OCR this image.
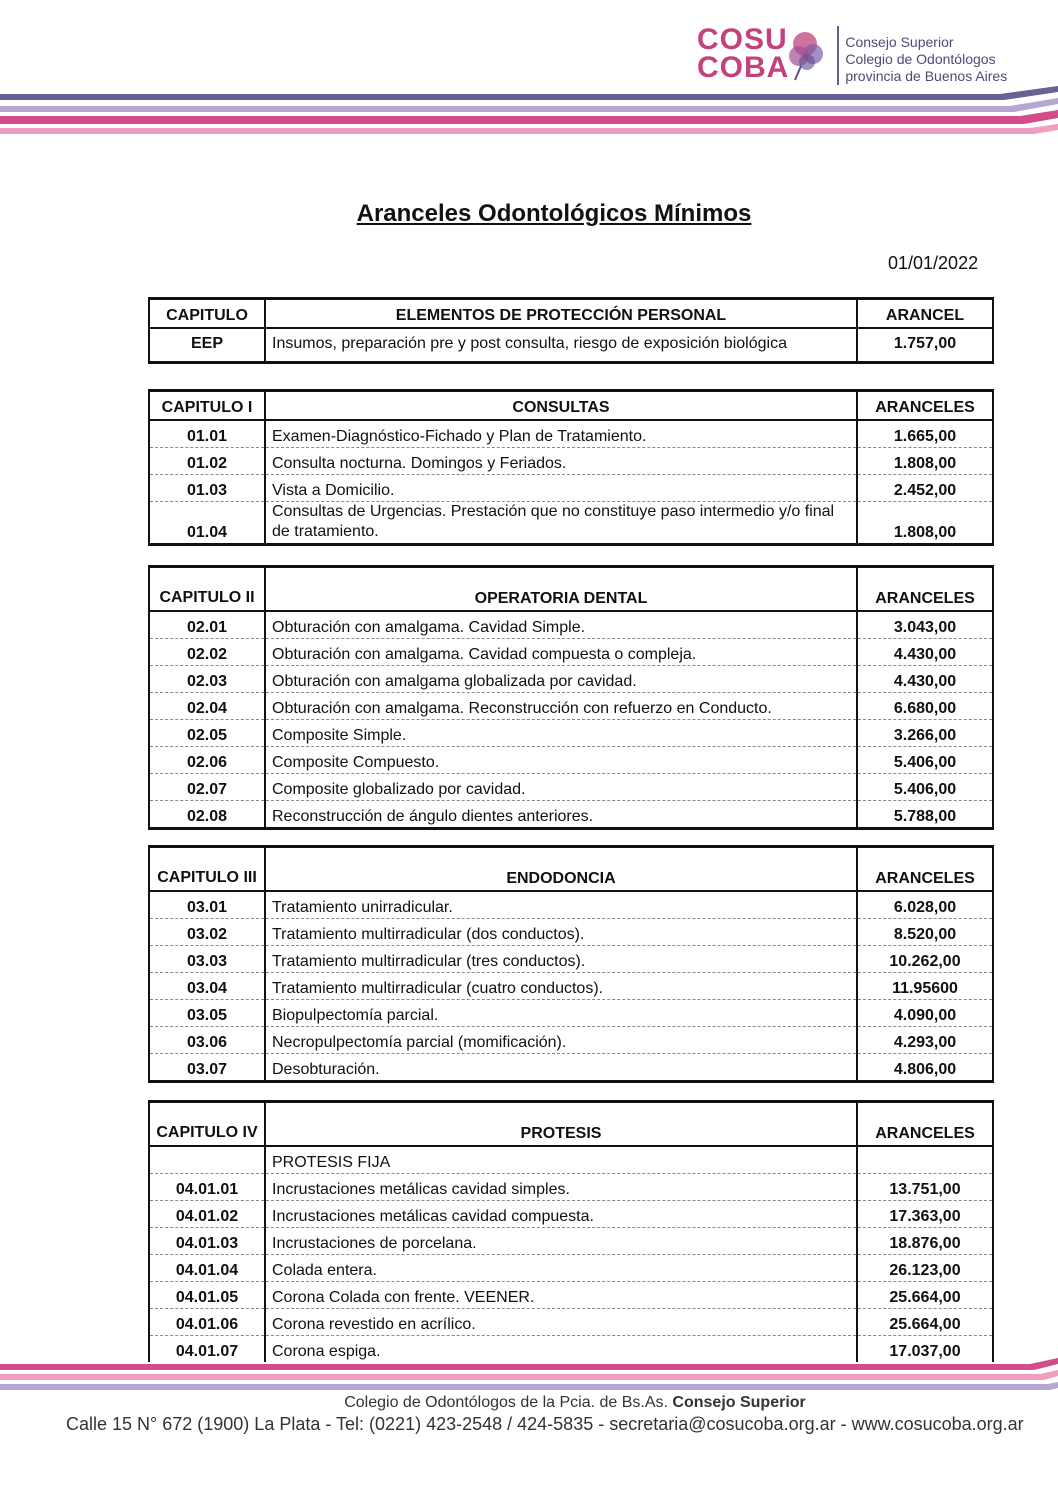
COSU
COBA
Consejo Superior
Colegio de Odontólogos
provincia de Buenos Aires
Aranceles Odontológicos Mínimos
01/01/2022
CAPITULO	ELEMENTOS DE PROTECCIÓN PERSONAL	ARANCEL
EEP	Insumos, preparación pre y post consulta, riesgo de exposición biológica	1.757,00
CAPITULO I	CONSULTAS	ARANCELES
01.01	Examen-Diagnóstico-Fichado y Plan de Tratamiento.	1.665,00
01.02	Consulta nocturna. Domingos y Feriados.	1.808,00
01.03	Vista a Domicilio.	2.452,00
01.04	Consultas de Urgencias. Prestación que no constituye paso intermedio y/o final de tratamiento.	1.808,00
CAPITULO II	OPERATORIA DENTAL	ARANCELES
02.01	Obturación con amalgama. Cavidad Simple.	3.043,00
02.02	Obturación con amalgama. Cavidad compuesta o compleja.	4.430,00
02.03	Obturación con amalgama globalizada por cavidad.	4.430,00
02.04	Obturación con amalgama. Reconstrucción con refuerzo en Conducto.	6.680,00
02.05	Composite Simple.	3.266,00
02.06	Composite Compuesto.	5.406,00
02.07	Composite globalizado por cavidad.	5.406,00
02.08	Reconstrucción de ángulo dientes anteriores.	5.788,00
CAPITULO III	ENDODONCIA	ARANCELES
03.01	Tratamiento unirradicular.	6.028,00
03.02	Tratamiento multirradicular (dos conductos).	8.520,00
03.03	Tratamiento multirradicular (tres conductos).	10.262,00
03.04	Tratamiento multirradicular (cuatro conductos).	11.95600
03.05	Biopulpectomía parcial.	4.090,00
03.06	Necropulpectomía parcial (momificación).	4.293,00
03.07	Desobturación.	4.806,00
CAPITULO IV	PROTESIS	ARANCELES
	PROTESIS FIJA	
04.01.01	Incrustaciones metálicas cavidad simples.	13.751,00
04.01.02	Incrustaciones metálicas cavidad compuesta.	17.363,00
04.01.03	Incrustaciones de porcelana.	18.876,00
04.01.04	Colada entera.	26.123,00
04.01.05	Corona Colada con frente. VEENER.	25.664,00
04.01.06	Corona revestido en acrílico.	25.664,00
04.01.07	Corona espiga.	17.037,00
Colegio de Odontólogos de la Pcia. de Bs.As. Consejo Superior
Calle 15 N° 672 (1900) La Plata - Tel: (0221) 423-2548 / 424-5835 - secretaria@cosucoba.org.ar - www.cosucoba.org.ar
